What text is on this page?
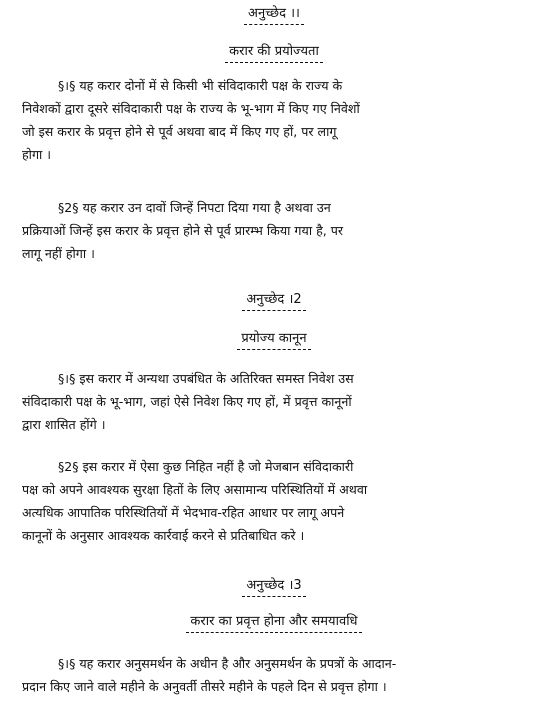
अनुच्छेद ।।
करार की प्रयोज्यता
§।§ यह करार दोनों में से किसी भी संविदाकारी पक्ष के राज्य के
निवेशकों द्वारा दूसरे संविदाकारी पक्ष के राज्य के भू-भाग में किए गए निवेशों
जो इस करार के प्रवृत्त होने से पूर्व अथवा बाद में किए गए हों, पर लागू
होगा ।
§2§ यह करार उन दावों जिन्हें निपटा दिया गया है अथवा उन
प्रक्रियाओं जिन्हें इस करार के प्रवृत्त होने से पूर्व प्रारम्भ किया गया है, पर
लागू नहीं होगा ।
अनुच्छेद ।2
प्रयोज्य कानून
§।§ इस करार में अन्यथा उपबंधित के अतिरिक्त समस्त निवेश उस
संविदाकारी पक्ष के भू-भाग, जहां ऐसे निवेश किए गए हों, में प्रवृत्त कानूनों
द्वारा शासित होंगे ।
§2§ इस करार में ऐसा कुछ निहित नहीं है जो मेजबान संविदाकारी
पक्ष को अपने आवश्यक सुरक्षा हितों के लिए असामान्य परिस्थितियों में अथवा
अत्यधिक आपातिक परिस्थितियों में भेदभाव-रहित आधार पर लागू अपने
कानूनों के अनुसार आवश्यक कार्रवाई करने से प्रतिबाधित करे ।
अनुच्छेद ।3
करार का प्रवृत्त होना और समयावधि
§।§ यह करार अनुसमर्थन के अधीन है और अनुसमर्थन के प्रपत्रों के आदान-
प्रदान किए जाने वाले महीने के अनुवर्ती तीसरे महीने के पहले दिन से प्रवृत्त होगा ।
